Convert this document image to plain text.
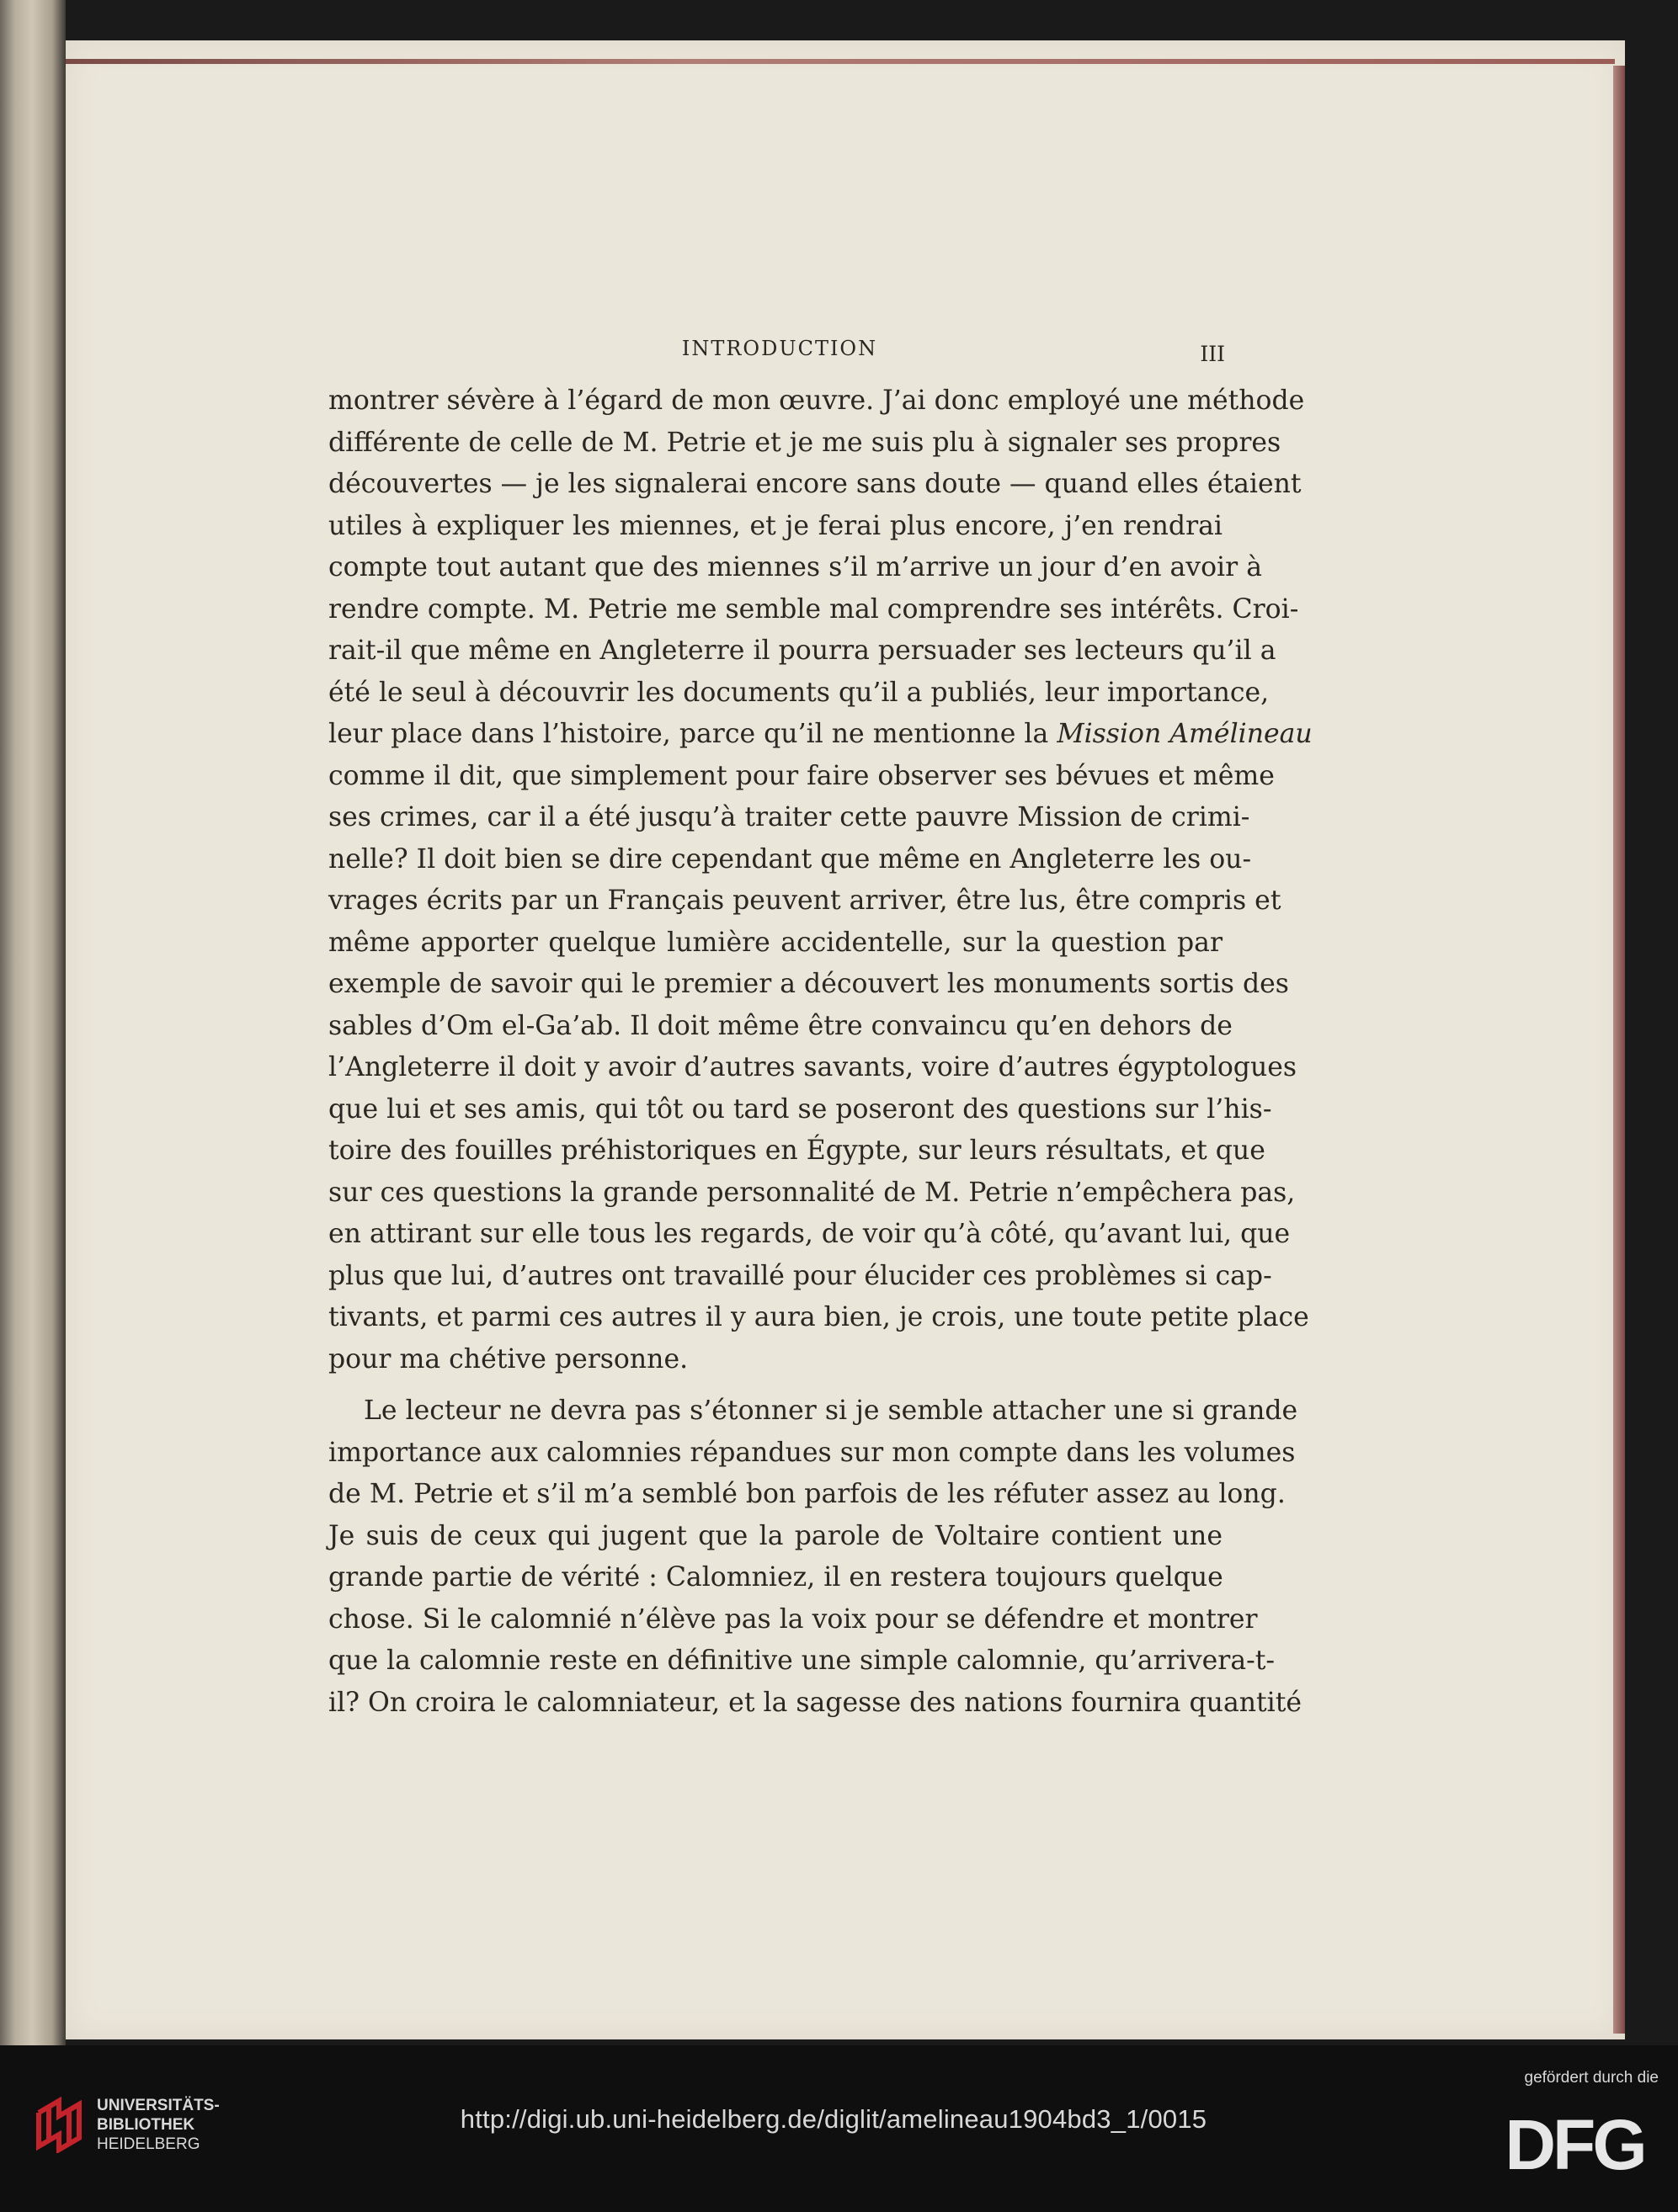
INTRODUCTION	III
montrer sévère à l’égard de mon œuvre. J’ai donc employé une méthode
différente de celle de M. Petrie et je me suis plu à signaler ses propres
découvertes — je les signalerai encore sans doute — quand elles étaient
utiles à expliquer les miennes, et je ferai plus encore, j’en rendrai
compte tout autant que des miennes s’il m’arrive un jour d’en avoir à
rendre compte. M. Petrie me semble mal comprendre ses intérêts. Croi-
rait-il que même en Angleterre il pourra persuader ses lecteurs qu’il a
été le seul à découvrir les documents qu’il a publiés, leur importance,
leur place dans l’histoire, parce qu’il ne mentionne la Mission Amélineau
comme il dit, que simplement pour faire observer ses bévues et même
ses crimes, car il a été jusqu’à traiter cette pauvre Mission de crimi-
nelle? Il doit bien se dire cependant que même en Angleterre les ou-
vrages écrits par un Français peuvent arriver, être lus, être compris et
même apporter quelque lumière accidentelle, sur la question par
exemple de savoir qui le premier a découvert les monuments sortis des
sables d’Om el-Ga’ab. Il doit même être convaincu qu’en dehors de
l’Angleterre il doit y avoir d’autres savants, voire d’autres égyptologues
que lui et ses amis, qui tôt ou tard se poseront des questions sur l’his-
toire des fouilles préhistoriques en Égypte, sur leurs résultats, et que
sur ces questions la grande personnalité de M. Petrie n’empêchera pas,
en attirant sur elle tous les regards, de voir qu’à côté, qu’avant lui, que
plus que lui, d’autres ont travaillé pour élucider ces problèmes si cap-
tivants, et parmi ces autres il y aura bien, je crois, une toute petite place
pour ma chétive personne.
Le lecteur ne devra pas s’étonner si je semble attacher une si grande
importance aux calomnies répandues sur mon compte dans les volumes
de M. Petrie et s’il m’a semblé bon parfois de les réfuter assez au long.
Je suis de ceux qui jugent que la parole de Voltaire contient une
grande partie de vérité : Calomniez, il en restera toujours quelque
chose. Si le calomnié n’élève pas la voix pour se défendre et montrer
que la calomnie reste en définitive une simple calomnie, qu’arrivera-t-
il? On croira le calomniateur, et la sagesse des nations fournira quantité
UNIVERSITÄTS-
BIBLIOTHEK
HEIDELBERG
http://digi.ub.uni-heidelberg.de/diglit/amelineau1904bd3_1/0015
gefördert durch die
DFG
